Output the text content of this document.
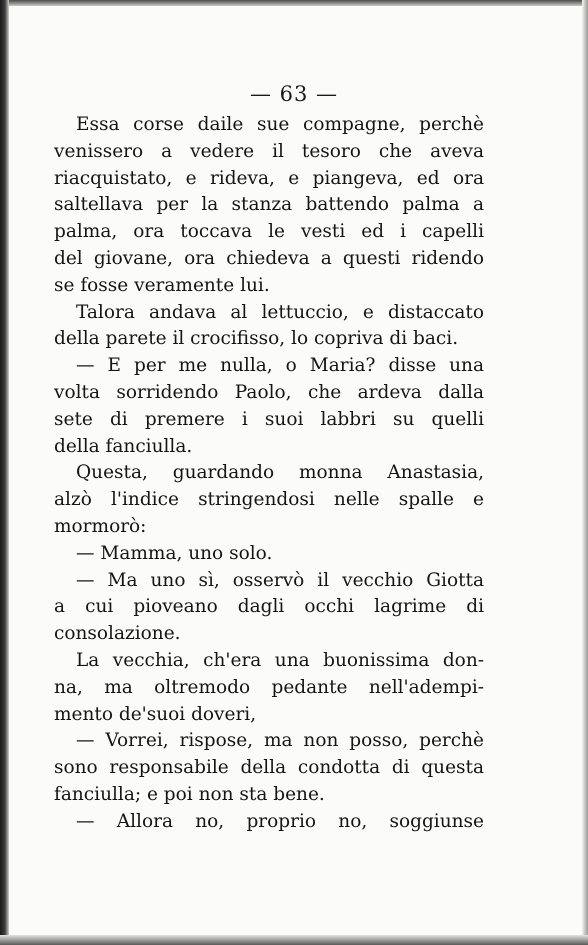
— 63 —
Essa corse daile sue compagne, perchè
venissero a vedere il tesoro che aveva
riacquistato, e rideva, e piangeva, ed ora
saltellava per la stanza battendo palma a
palma, ora toccava le vesti ed i capelli
del giovane, ora chiedeva a questi ridendo
se fosse veramente lui.
Talora andava al lettuccio, e distaccato
della parete il crocifisso, lo copriva di baci.
— E per me nulla, o Maria? disse una
volta sorridendo Paolo, che ardeva dalla
sete di premere i suoi labbri su quelli
della fanciulla.
Questa, guardando monna Anastasia,
alzò l'indice stringendosi nelle spalle e
mormorò:
— Mamma, uno solo.
— Ma uno sì, osservò il vecchio Giotta
a cui pioveano dagli occhi lagrime di
consolazione.
La vecchia, ch'era una buonissima don-
na, ma oltremodo pedante nell'adempi-
mento de'suoi doveri,
— Vorrei, rispose, ma non posso, perchè
sono responsabile della condotta di questa
fanciulla; e poi non sta bene.
— Allora no, proprio no, soggiunse
